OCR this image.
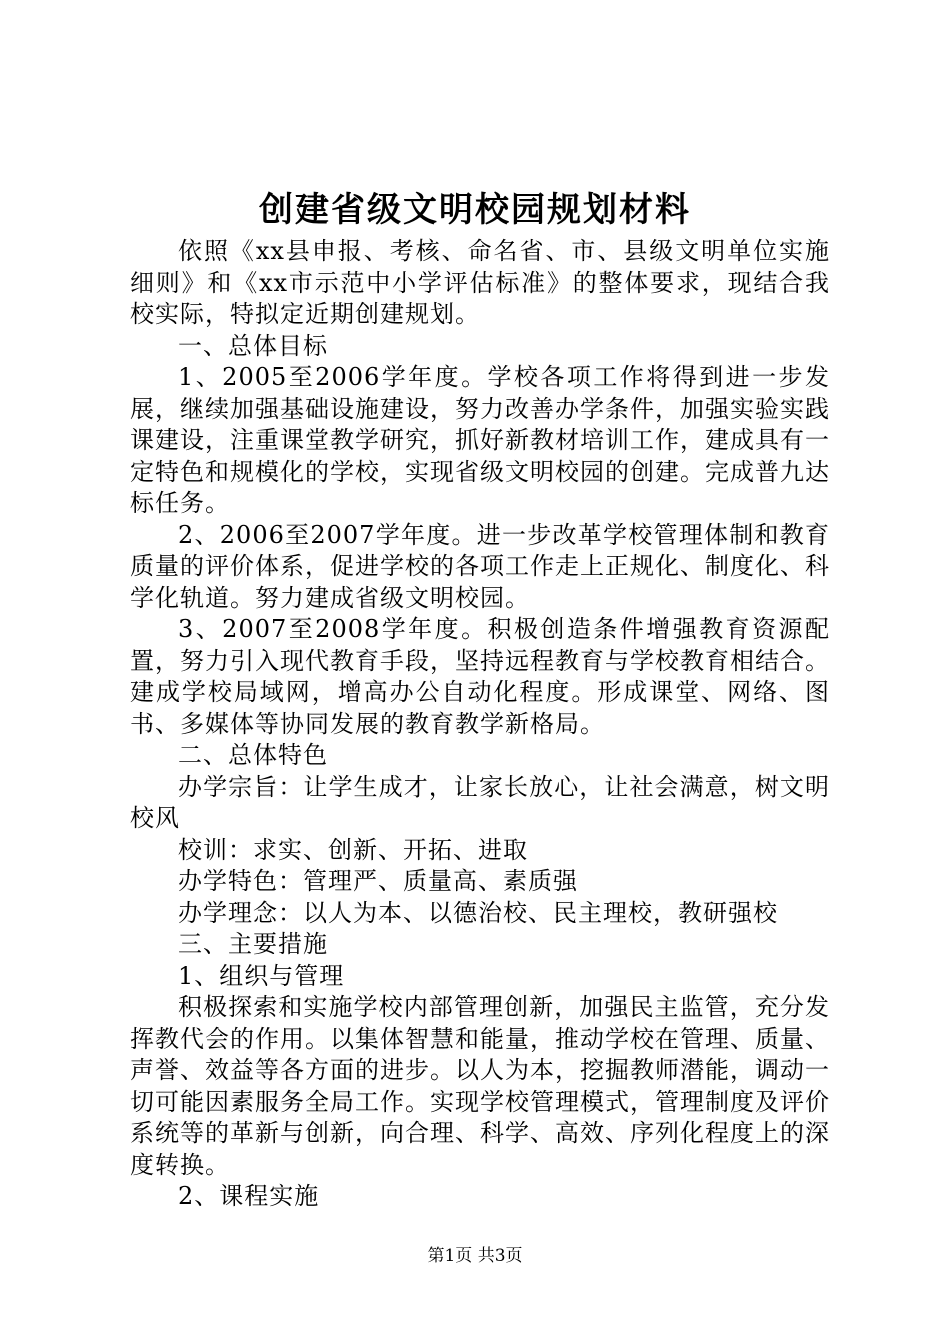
创建省级文明校园规划材料

依照《xx县申报、考核、命名省、市、县级文明单位实施细则》和《xx市示范中小学评估标准》的整体要求，现结合我校实际，特拟定近期创建规划。

一、总体目标

1、2005至2006学年度。学校各项工作将得到进一步发展，继续加强基础设施建设，努力改善办学条件，加强实验实践课建设，注重课堂教学研究，抓好新教材培训工作，建成具有一定特色和规模化的学校，实现省级文明校园的创建。完成普九达标任务。

2、2006至2007学年度。进一步改革学校管理体制和教育质量的评价体系，促进学校的各项工作走上正规化、制度化、科学化轨道。努力建成省级文明校园。

3、2007至2008学年度。积极创造条件增强教育资源配置，努力引入现代教育手段，坚持远程教育与学校教育相结合。建成学校局域网，增高办公自动化程度。形成课堂、网络、图书、多媒体等协同发展的教育教学新格局。

二、总体特色

办学宗旨：让学生成才，让家长放心，让社会满意，树文明校风

校训：求实、创新、开拓、进取

办学特色：管理严、质量高、素质强

办学理念：以人为本、以德治校、民主理校，教研强校

三、主要措施

1、组织与管理

积极探索和实施学校内部管理创新，加强民主监管，充分发挥教代会的作用。以集体智慧和能量，推动学校在管理、质量、声誉、效益等各方面的进步。以人为本，挖掘教师潜能，调动一切可能因素服务全局工作。实现学校管理模式，管理制度及评价系统等的革新与创新，向合理、科学、高效、序列化程度上的深度转换。

2、课程实施

第1页 共3页
